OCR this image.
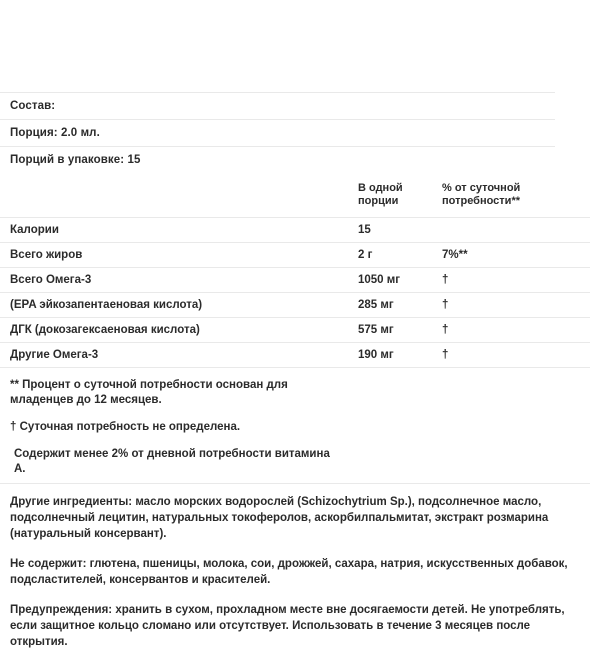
Состав:
Порция: 2.0 мл.
Порций в упаковке: 15
	В одной порции	% от суточной потребности**
Калории	15	
Всего жиров	2 г	7%**
Всего Омега-3	1050 мг	†
(EPA эйкозапентаеновая кислота)	285 мг	†
ДГК (докозагексаеновая кислота)	575 мг	†
Другие Омега-3	190 мг	†

** Процент о суточной потребности основан для младенцев до 12 месяцев.

† Суточная потребность не определена.

Содержит менее 2% от дневной потребности витамина А.

Другие ингредиенты: масло морских водорослей (Schizochytrium Sp.), подсолнечное масло, подсолнечный лецитин, натуральных токоферолов, аскорбилпальмитат, экстракт розмарина (натуральный консервант).

Не содержит: глютена, пшеницы, молока, сои, дрожжей, сахара, натрия, искусственных добавок, подсластителей, консервантов и красителей.

Предупреждения: хранить в сухом, прохладном месте вне досягаемости детей. Не употреблять, если защитное кольцо сломано или отсутствует. Использовать в течение 3 месяцев после открытия.
